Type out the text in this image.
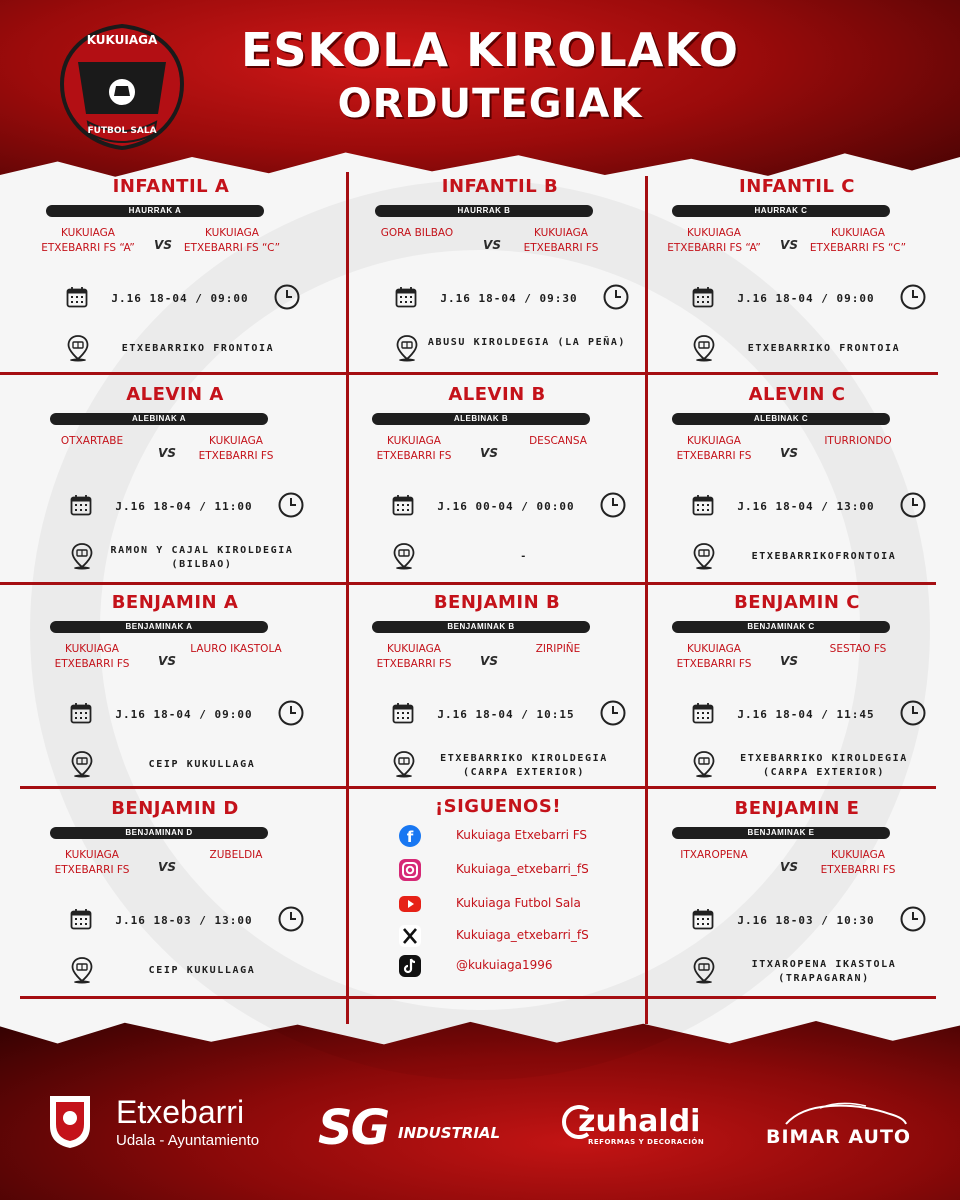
KUKUIAGA
FUTBOL SALA
ESKOLA KIROLAKO
ORDUTEGIAK
INFANTIL A
HAURRAK A
KUKUIAGA ETXEBARRI FS “A”	VS
KUKUIAGA ETXEBARRI FS “C”
J.16 18-04 / 09:00
ETXEBARRIKO FRONTOIA
INFANTIL B
HAURRAK B
GORA BILBAO
VS
KUKUIAGA ETXEBARRI FS
J.16 18-04 / 09:30
ABUSU KIROLDEGIA (LA PEÑA)
INFANTIL C
HAURRAK C
KUKUIAGA ETXEBARRI FS “A”	VS
KUKUIAGA ETXEBARRI FS “C”
J.16 18-04 / 09:00
ETXEBARRIKO FRONTOIA
ALEVIN A
ALEBINAK A
OTXARTABE
VS
KUKUIAGA ETXEBARRI FS
J.16 18-04 / 11:00
RAMON Y CAJAL KIROLDEGIA (BILBAO)
ALEVIN B
ALEBINAK B
KUKUIAGA ETXEBARRI FS	VS
DESCANSA
J.16 00-04 / 00:00
-
ALEVIN C
ALEBINAK C
KUKUIAGA ETXEBARRI FS	VS
ITURRIONDO
J.16 18-04 / 13:00
ETXEBARRIKOFRONTOIA
BENJAMIN A
BENJAMINAK A
KUKUIAGA ETXEBARRI FS	VS
LAURO IKASTOLA
J.16 18-04 / 09:00
CEIP KUKULLAGA
BENJAMIN B
BENJAMINAK B
KUKUIAGA ETXEBARRI FS	VS
ZIRIPIÑE
J.16 18-04 / 10:15
ETXEBARRIKO KIROLDEGIA (CARPA EXTERIOR)
BENJAMIN C
BENJAMINAK C
KUKUIAGA ETXEBARRI FS	VS
SESTAO FS
J.16 18-04 / 11:45
ETXEBARRIKO KIROLDEGIA (CARPA EXTERIOR)
BENJAMIN D
BENJAMINAN D
KUKUIAGA ETXEBARRI FS	VS
ZUBELDIA
J.16 18-03 / 13:00
CEIP KUKULLAGA
BENJAMIN E
BENJAMINAK E
ITXAROPENA
VS
KUKUIAGA ETXEBARRI FS
J.16 18-03 / 10:30
ITXAROPENA IKASTOLA (TRAPAGARAN)
¡SIGUENOS!
f	Kukuiaga Etxebarri FS
Kukuiaga_etxebarri_fS
Kukuiaga Futbol Sala
Kukuiaga_etxebarri_fS
@kukuiaga1996
Etxebarri
Udala - Ayuntamiento SG INDUSTRIAL	zuhaldi
REFORMAS Y DECORACIÓN	BIMAR AUTO
